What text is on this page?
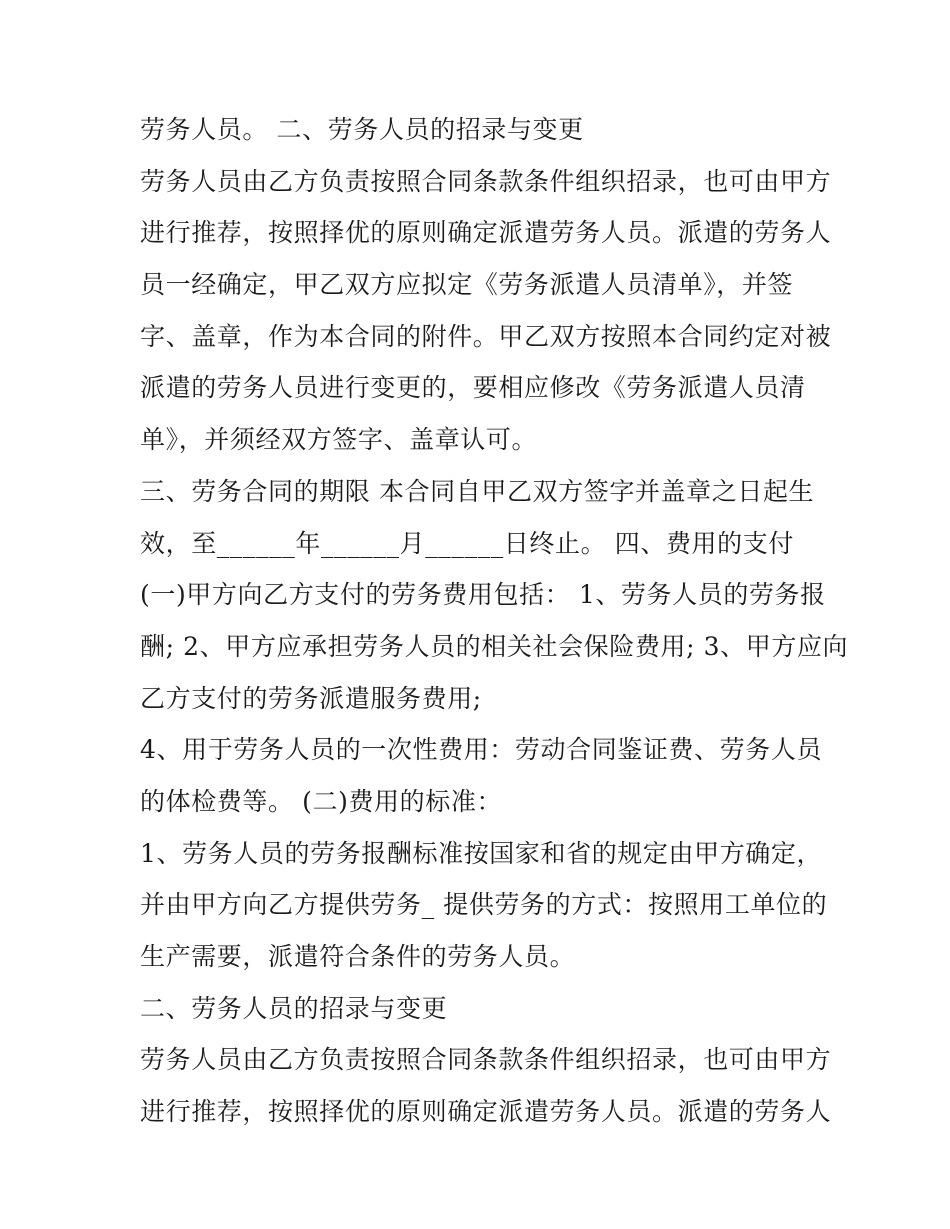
劳务人员。 二、劳务人员的招录与变更
劳务人员由乙方负责按照合同条款条件组织招录，也可由甲方
进行推荐，按照择优的原则确定派遣劳务人员。派遣的劳务人
员一经确定，甲乙双方应拟定《劳务派遣人员清单》，并签
字、盖章，作为本合同的附件。甲乙双方按照本合同约定对被
派遣的劳务人员进行变更的，要相应修改《劳务派遣人员清
单》，并须经双方签字、盖章认可。
三、劳务合同的期限 本合同自甲乙双方签字并盖章之日起生
效，至______年______月______日终止。 四、费用的支付
(一)甲方向乙方支付的劳务费用包括： 1、劳务人员的劳务报
酬; 2、甲方应承担劳务人员的相关社会保险费用; 3、甲方应向
乙方支付的劳务派遣服务费用;
4、用于劳务人员的一次性费用：劳动合同鉴证费、劳务人员
的体检费等。 (二)费用的标准：
1、劳务人员的劳务报酬标准按国家和省的规定由甲方确定，
并由甲方向乙方提供劳务_ 提供劳务的方式：按照用工单位的
生产需要，派遣符合条件的劳务人员。
二、劳务人员的招录与变更
劳务人员由乙方负责按照合同条款条件组织招录，也可由甲方
进行推荐，按照择优的原则确定派遣劳务人员。派遣的劳务人
